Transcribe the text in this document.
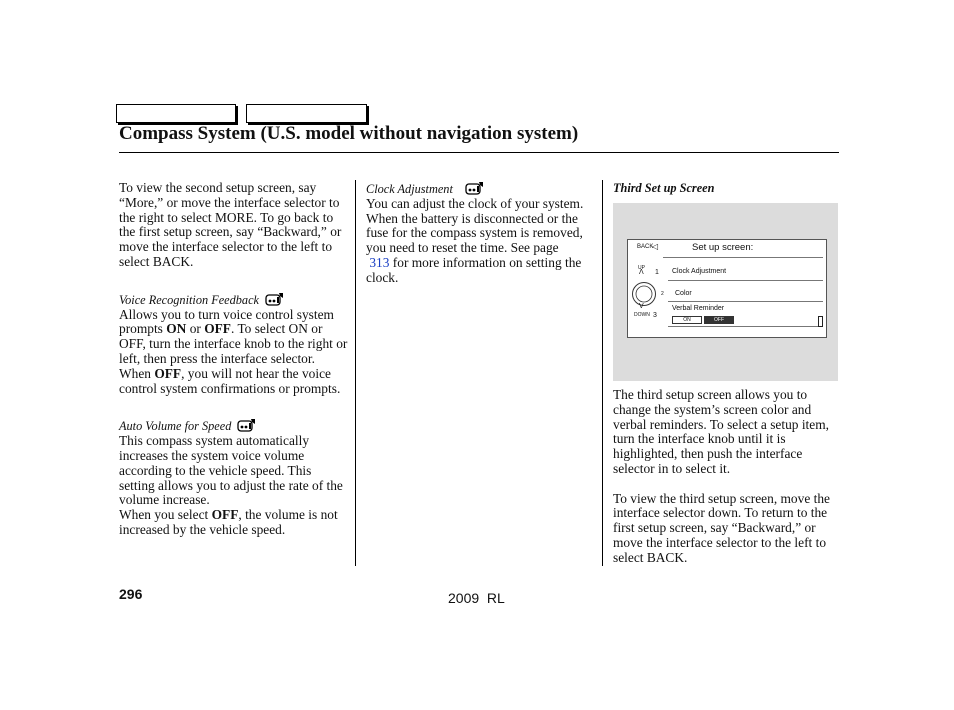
Compass System (U.S. model without navigation system)

To view the second setup screen, say “More,” or move the interface selector to the right to select MORE. To go back to the first setup screen, say “Backward,” or move the interface selector to the left to select BACK.

Voice Recognition Feedback

Allows you to turn voice control system prompts ON or OFF. To select ON or OFF, turn the interface knob to the right or left, then press the interface selector. When OFF, you will not hear the voice control system confirmations or prompts.

Auto Volume for Speed

This compass system automatically increases the system voice volume according to the vehicle speed. This setting allows you to adjust the rate of the volume increase.

When you select OFF, the volume is not increased by the vehicle speed.

Clock Adjustment

You can adjust the clock of your system. When the battery is disconnected or the fuse for the compass system is removed, you need to reset the time. See page
313 for more information on setting the clock.

Third Set up Screen
BACK
◁	Set up screen:
UP
Λ
V
DOWN
1 Clock Adjustment
2 Color
3
Verbal Reminder
ON	OFF

The third setup screen allows you to change the system’s screen color and verbal reminders. To select a setup item, turn the interface knob until it is highlighted, then push the interface selector in to select it.

To view the third setup screen, move the interface selector down. To return to the first setup screen, say “Backward,” or move the interface selector to the left to select BACK.

296	2009  RL
